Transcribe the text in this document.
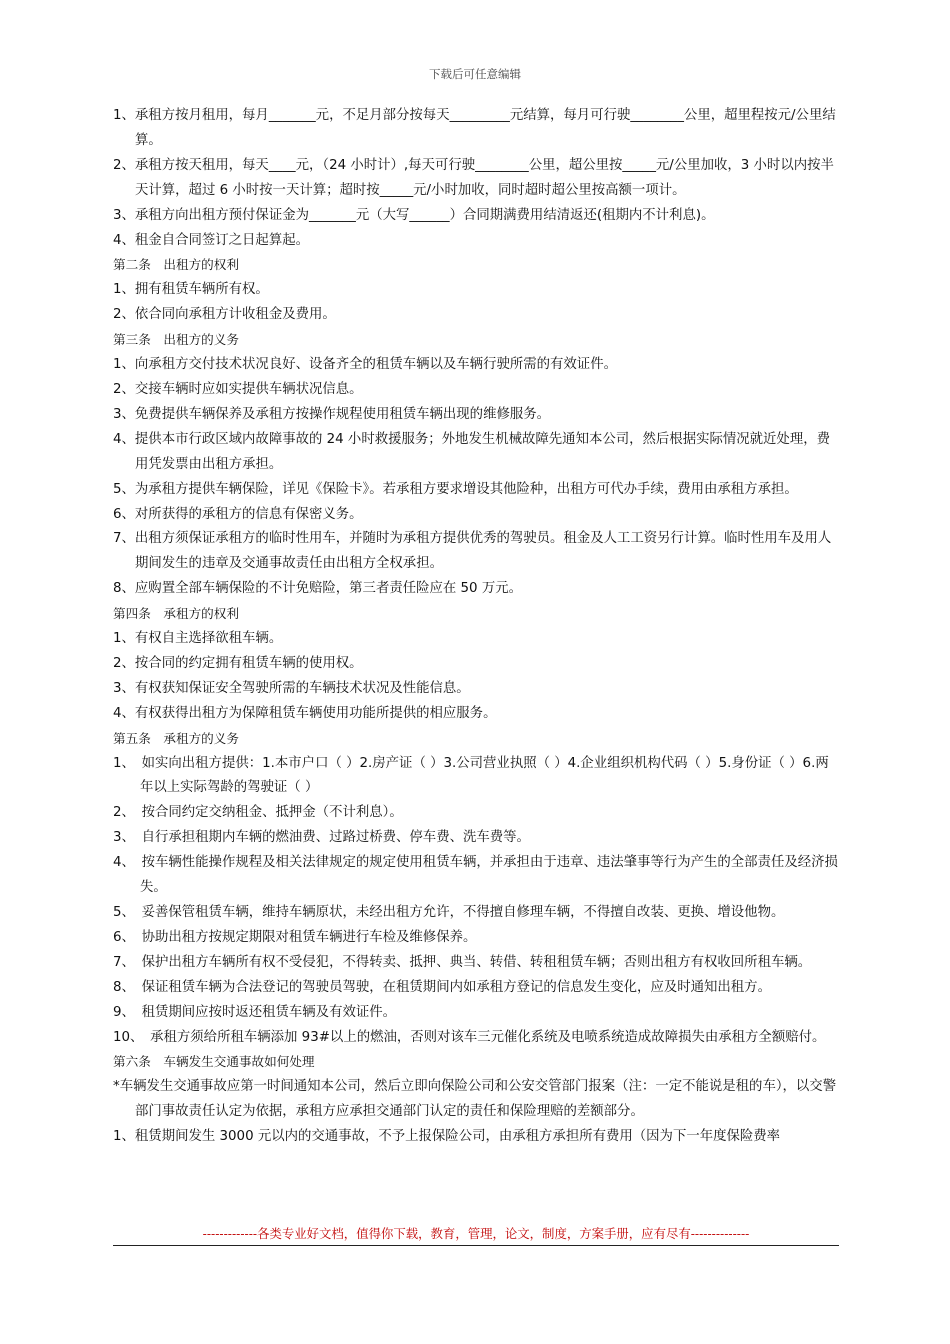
下载后可任意编辑

1、承租方按月租用，每月_______元，不足月部分按每天_________元结算，每月可行驶________公里，超里程按元/公里结算。

2、承租方按天租用，每天____元，（24 小时计）,每天可行驶________公里，超公里按_____元/公里加收，3 小时以内按半天计算，超过 6 小时按一天计算；超时按_____元/小时加收，同时超时超公里按高额一项计。

3、承租方向出租方预付保证金为_______元（大写______）合同期满费用结清返还(租期内不计利息)。

4、租金自合同签订之日起算起。

第二条　出租方的权利

1、拥有租赁车辆所有权。

2、依合同向承租方计收租金及费用。

第三条　出租方的义务

1、向承租方交付技术状况良好、设备齐全的租赁车辆以及车辆行驶所需的有效证件。

2、交接车辆时应如实提供车辆状况信息。

3、免费提供车辆保养及承租方按操作规程使用租赁车辆出现的维修服务。

4、提供本市行政区域内故障事故的 24 小时救援服务；外地发生机械故障先通知本公司，然后根据实际情况就近处理，费用凭发票由出租方承担。

5、为承租方提供车辆保险，详见《保险卡》。若承租方要求增设其他险种，出租方可代办手续，费用由承租方承担。

6、对所获得的承租方的信息有保密义务。

7、出租方须保证承租方的临时性用车，并随时为承租方提供优秀的驾驶员。租金及人工工资另行计算。临时性用车及用人期间发生的违章及交通事故责任由出租方全权承担。

8、应购置全部车辆保险的不计免赔险，第三者责任险应在 50 万元。

第四条　承租方的权利

1、有权自主选择欲租车辆。

2、按合同的约定拥有租赁车辆的使用权。

3、有权获知保证安全驾驶所需的车辆技术状况及性能信息。

4、有权获得出租方为保障租赁车辆使用功能所提供的相应服务。

第五条　承租方的义务

1、　如实向出租方提供：1.本市户口（ ）2.房产证（ ）3.公司营业执照（ ）4.企业组织机构代码（ ）5.身份证（ ）6.两年以上实际驾龄的驾驶证（ ）

2、　按合同约定交纳租金、抵押金（不计利息）。

3、　自行承担租期内车辆的燃油费、过路过桥费、停车费、洗车费等。

4、　按车辆性能操作规程及相关法律规定的规定使用租赁车辆，并承担由于违章、违法肇事等行为产生的全部责任及经济损失。

5、　妥善保管租赁车辆，维持车辆原状，未经出租方允许，不得擅自修理车辆，不得擅自改装、更换、增设他物。

6、　协助出租方按规定期限对租赁车辆进行车检及维修保养。

7、　保护出租方车辆所有权不受侵犯，不得转卖、抵押、典当、转借、转租租赁车辆；否则出租方有权收回所租车辆。

8、　保证租赁车辆为合法登记的驾驶员驾驶，在租赁期间内如承租方登记的信息发生变化，应及时通知出租方。

9、　租赁期间应按时返还租赁车辆及有效证件。

10、　承租方须给所租车辆添加 93#以上的燃油，否则对该车三元催化系统及电喷系统造成故障损失由承租方全额赔付。

第六条　车辆发生交通事故如何处理

*车辆发生交通事故应第一时间通知本公司，然后立即向保险公司和公安交管部门报案（注：一定不能说是租的车），以交警部门事故责任认定为依据，承租方应承担交通部门认定的责任和保险理赔的差额部分。

1、租赁期间发生 3000 元以内的交通事故，不予上报保险公司，由承租方承担所有费用（因为下一年度保险费率

-------------各类专业好文档，值得你下载，教育，管理，论文，制度，方案手册，应有尽有--------------
